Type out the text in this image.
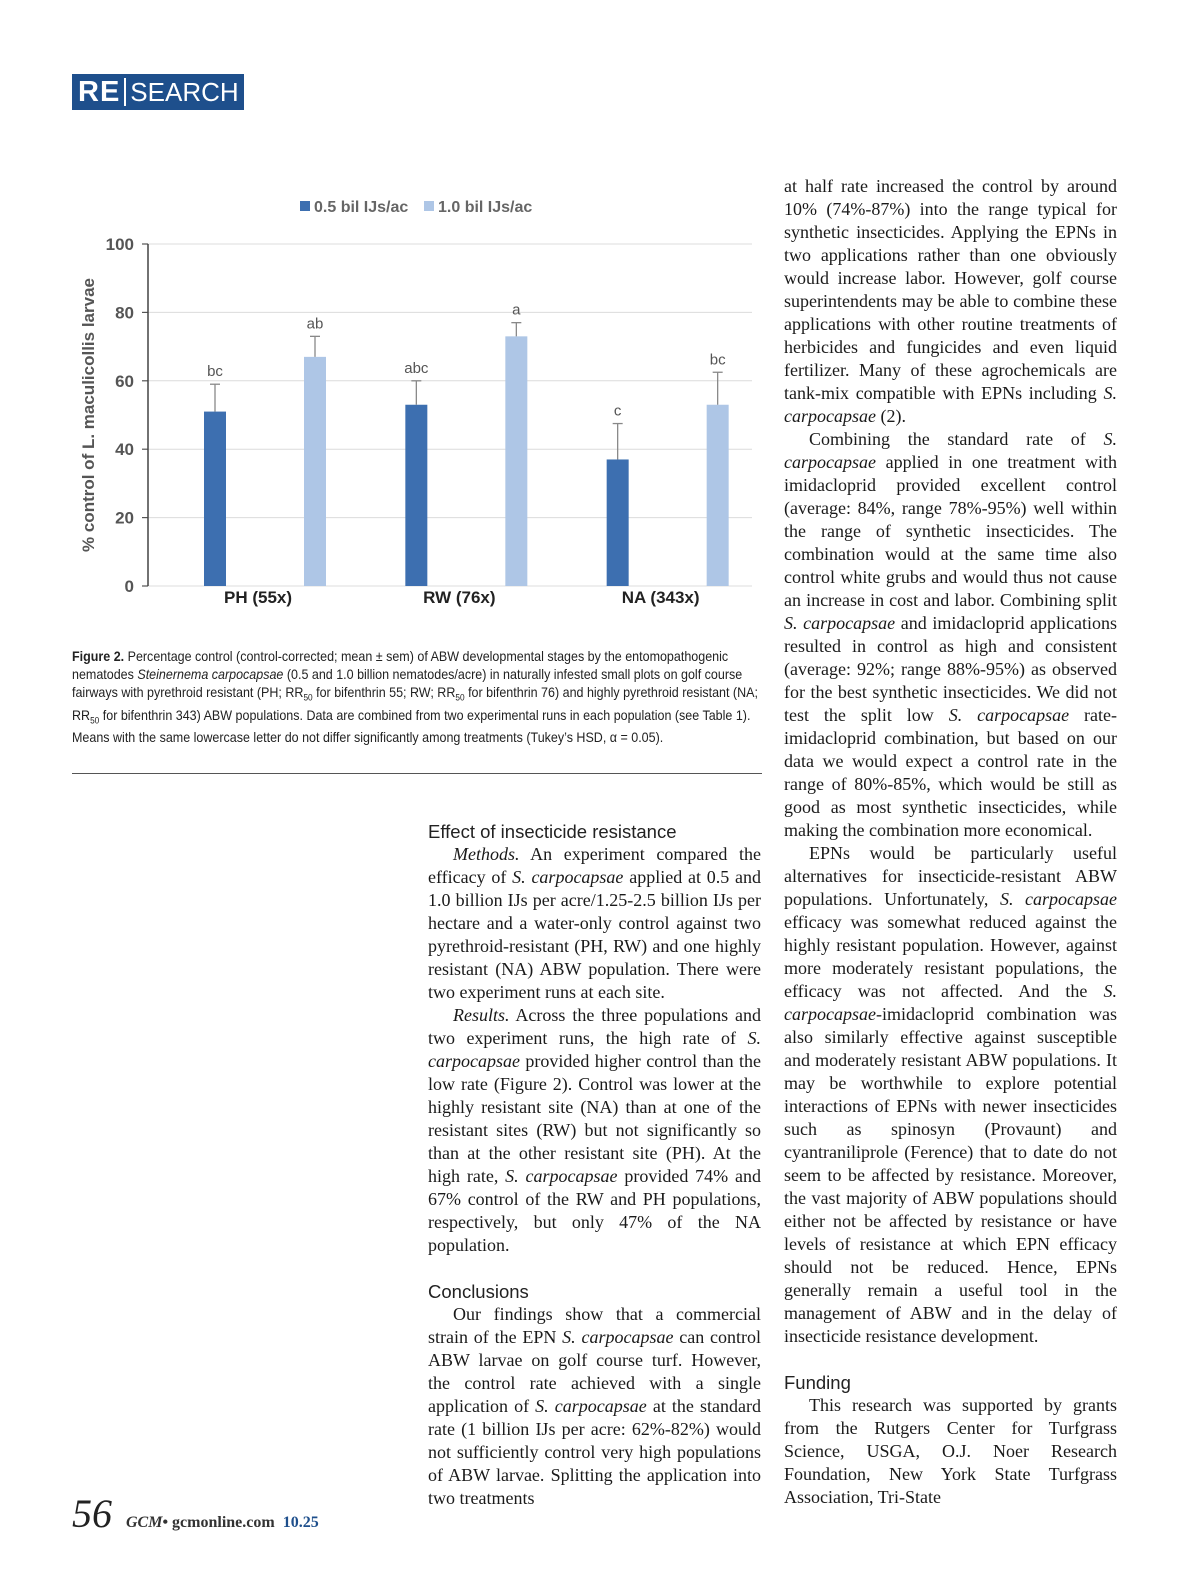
RE SEARCH
0
20
40
60
80
100
% control of L. maculicollis larvae
0.5 bil IJs/ac 1.0 bil IJs/ac
bc
ab
PH (55x)
abc
a
RW (76x)
c
bc
NA (343x)
Figure 2. Percentage control (control-corrected; mean ± sem) of ABW developmental stages by the entomopathogenic nematodes Steinernema carpocapsae (0.5 and 1.0 billion nematodes/acre) in naturally infested small plots on golf course fairways with pyrethroid resistant (PH; $RR_{50}$ for bifenthrin 55; RW; $RR_{50}$ for bifenthrin 76) and highly pyrethroid resistant (NA; $RR_{50}$ for bifenthrin 343) ABW populations. Data are combined from two experimental runs in each population (see Table 1). Means with the same lowercase letter do not differ significantly among treatments (Tukey’s HSD, α = 0.05).
Effect of insecticide resistance

Methods. An experiment compared the efficacy of S. carpocapsae applied at 0.5 and 1.0 billion IJs per acre/1.25-2.5 billion IJs per hectare and a water-only control against two pyrethroid-resistant (PH, RW) and one highly resistant (NA) ABW population. There were two experiment runs at each site.

Results. Across the three populations and two experiment runs, the high rate of S. carpocapsae provided higher control than the low rate (Figure 2). Control was lower at the highly resistant site (NA) than at one of the resistant sites (RW) but not significantly so than at the other resistant site (PH). At the high rate, S. carpocapsae provided 74% and 67% control of the RW and PH populations, respectively, but only 47% of the NA population.

Conclusions

Our findings show that a commercial strain of the EPN S. carpocapsae can control ABW larvae on golf course turf. However, the control rate achieved with a single application of S. carpocapsae at the standard rate (1 billion IJs per acre: 62%-82%) would not sufficiently control very high populations of ABW larvae. Splitting the application into two treatments

at half rate increased the control by around 10% (74%-87%) into the range typical for synthetic insecticides. Applying the EPNs in two applications rather than one obviously would increase labor. However, golf course superintendents may be able to combine these applications with other routine treatments of herbicides and fungicides and even liquid fertilizer. Many of these agrochemicals are tank-mix compatible with EPNs including S. carpocapsae (2).

Combining the standard rate of S. carpocapsae applied in one treatment with imidacloprid provided excellent control (average: 84%, range 78%-95%) well within the range of synthetic insecticides. The combination would at the same time also control white grubs and would thus not cause an increase in cost and labor. Combining split S. carpocapsae and imidacloprid applications resulted in control as high and consistent (average: 92%; range 88%-95%) as observed for the best synthetic insecticides. We did not test the split low S. carpocapsae rate-imidacloprid combination, but based on our data we would expect a control rate in the range of 80%-85%, which would be still as good as most synthetic insecticides, while making the combination more economical.

EPNs would be particularly useful alternatives for insecticide-resistant ABW populations. Unfortunately, S. carpocapsae efficacy was somewhat reduced against the highly resistant population. However, against more moderately resistant populations, the efficacy was not affected. And the S. carpocapsae-imidacloprid combination was also similarly effective against susceptible and moderately resistant ABW populations. It may be worthwhile to explore potential interactions of EPNs with newer insecticides such as spinosyn (Provaunt) and cyantraniliprole (Ference) that to date do not seem to be affected by resistance. Moreover, the vast majority of ABW populations should either not be affected by resistance or have levels of resistance at which EPN efficacy should not be reduced. Hence, EPNs generally remain a useful tool in the management of ABW and in the delay of insecticide resistance development.

Funding

This research was supported by grants from the Rutgers Center for Turfgrass Science, USGA, O.J. Noer Research Foundation, New York State Turfgrass Association, Tri-State

56 GCM • gcmonline.com 10.25
